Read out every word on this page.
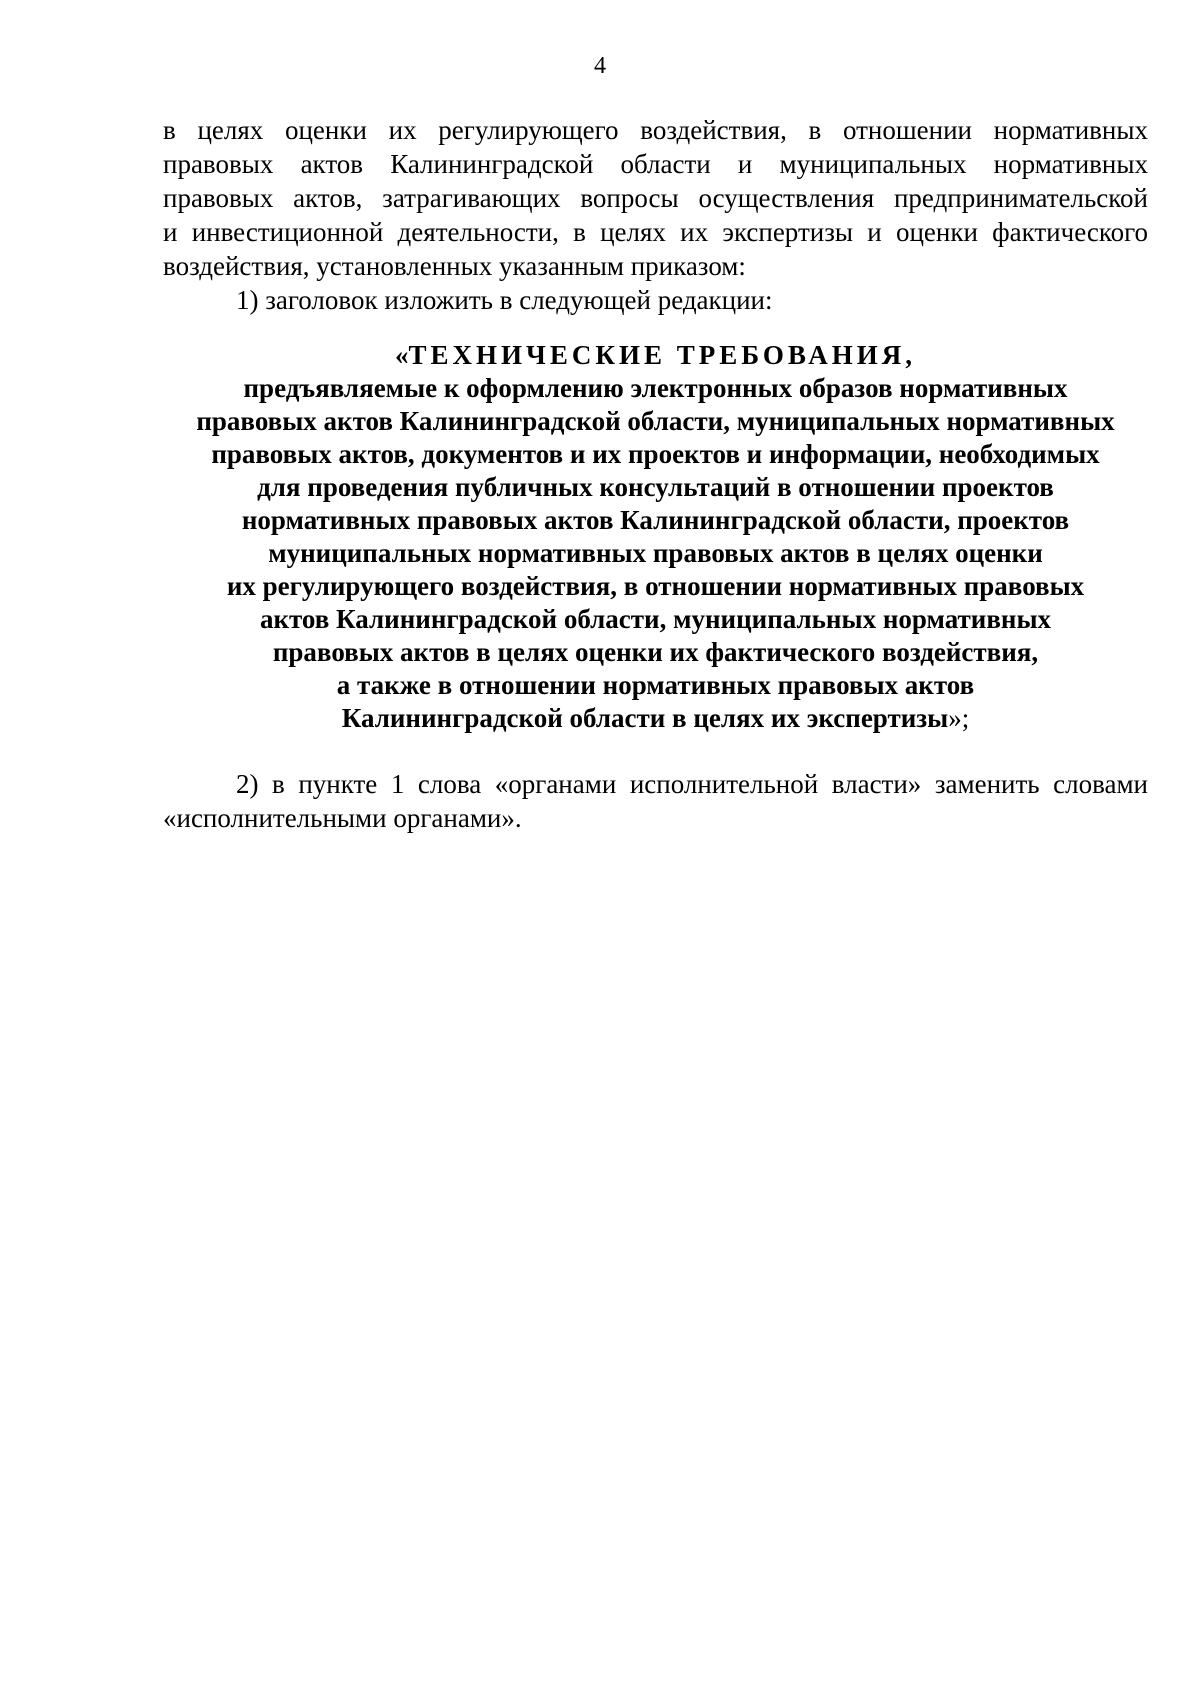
4
в целях оценки их регулирующего воздействия, в отношении нормативных
правовых актов Калининградской области и муниципальных нормативных
правовых актов, затрагивающих вопросы осуществления предпринимательской
и инвестиционной деятельности, в целях их экспертизы и оценки фактического
воздействия, установленных указанным приказом:
1) заголовок изложить в следующей редакции:
«ТЕХНИЧЕСКИЕ ТРЕБОВАНИЯ,
предъявляемые к оформлению электронных образов нормативных
правовых актов Калининградской области, муниципальных нормативных
правовых актов, документов и их проектов и информации, необходимых
для проведения публичных консультаций в отношении проектов
нормативных правовых актов Калининградской области, проектов
муниципальных нормативных правовых актов в целях оценки
их регулирующего воздействия, в отношении нормативных правовых
актов Калининградской области, муниципальных нормативных
правовых актов в целях оценки их фактического воздействия,
а также в отношении нормативных правовых актов
Калининградской области в целях их экспертизы»;
2) в пункте 1 слова «органами исполнительной власти» заменить словами
«исполнительными органами».
